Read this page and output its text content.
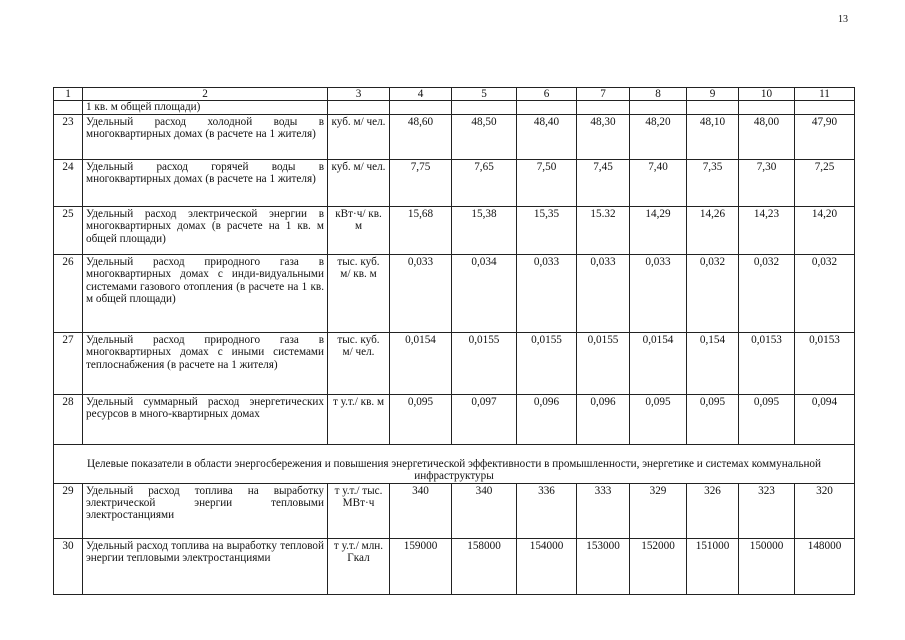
13
1	2	3	4	5	6	7	8	9	10	11
	1 кв. м общей площади)									
23	Удельный расход холодной воды в многоквартирных домах (в расчете на 1 жителя)	куб. м/ чел.	48,60	48,50	48,40	48,30	48,20	48,10	48,00	47,90
24	Удельный расход горячей воды в многоквартирных домах (в расчете на 1 жителя)	куб. м/ чел.	7,75	7,65	7,50	7,45	7,40	7,35	7,30	7,25
25	Удельный расход электрической энергии в многоквартирных домах (в расчете на 1 кв. м общей площади)	кВт·ч/ кв. м	15,68	15,38	15,35	15.32	14,29	14,26	14,23	14,20
26	Удельный расход природного газа в многоквартирных домах с инди-видуальными системами газового отопления (в расчете на 1 кв. м общей площади)	тыс. куб. м/ кв. м	0,033	0,034	0,033	0,033	0,033	0,032	0,032	0,032
27	Удельный расход природного газа в многоквартирных домах с иными системами теплоснабжения (в расчете на 1 жителя)	тыс. куб. м/ чел.	0,0154	0,0155	0,0155	0,0155	0,0154	0,154	0,0153	0,0153
28	Удельный суммарный расход энергетических ресурсов в много-квартирных домах	т у.т./ кв. м	0,095	0,097	0,096	0,096	0,095	0,095	0,095	0,094
Целевые показатели в области энергосбережения и повышения энергетической эффективности в промышленности, энергетике и системах коммунальной инфраструктуры										
29	Удельный расход топлива на выработку электрической энергии тепловыми электростанциями	т у.т./ тыс. МВт·ч	340	340	336	333	329	326	323	320
30	Удельный расход топлива на выработку тепловой энергии тепловыми электростанциями	т у.т./ млн. Гкал	159000	158000	154000	153000	152000	151000	150000	148000
